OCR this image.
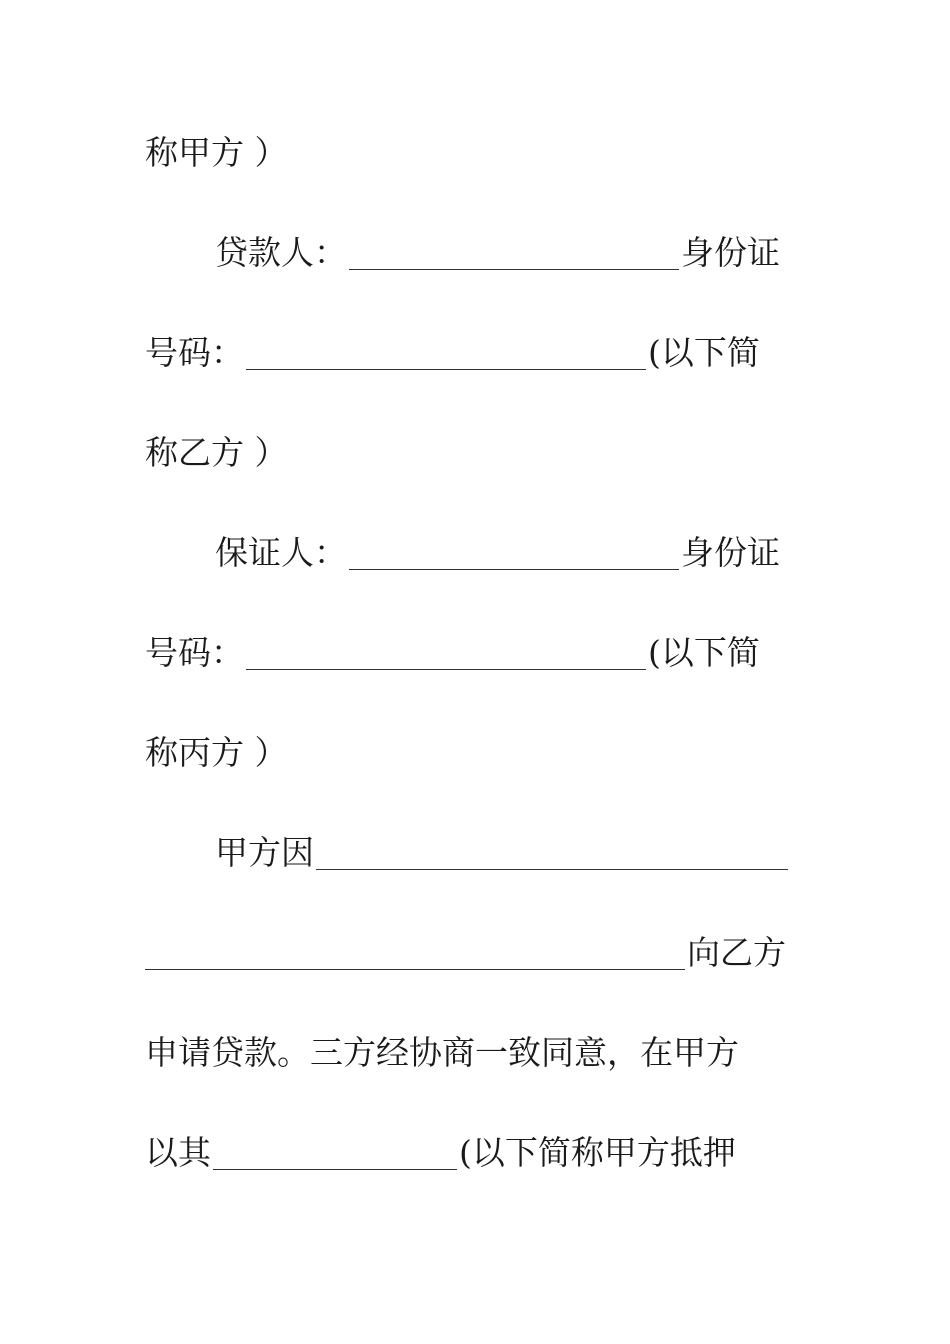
称甲方 ）
贷款人：	身份证
号码：	(以下简
称乙方 ）
保证人：	身份证
号码：	(以下简
称丙方 ）
甲方因
向乙方
申请贷款。三方经协商一致同意，在甲方
以其	(以下简称甲方抵押
